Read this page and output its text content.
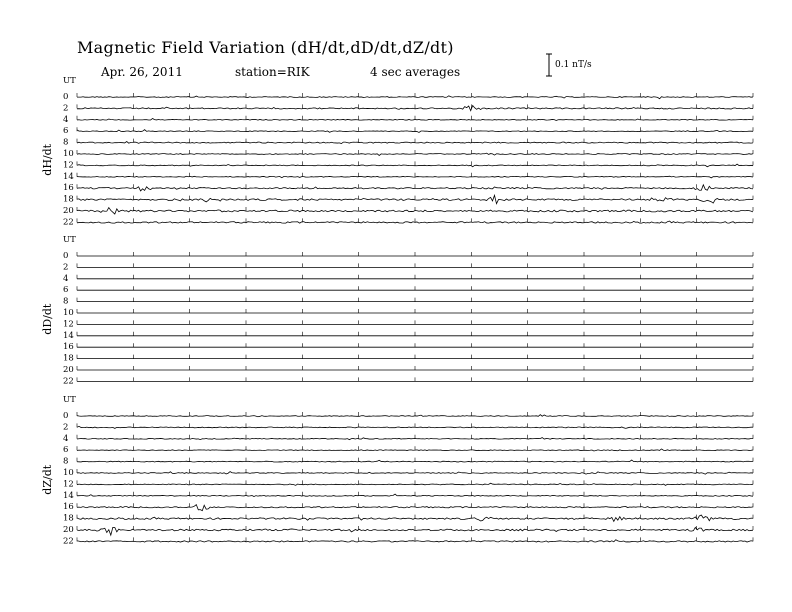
Magnetic Field Variation (dH/dt,dD/dt,dZ/dt)
Apr. 26, 2011	station=RIK	4 sec averages	0.1 nT/s
UT
dH/dt
0
2
4
6
8
10
12
14
16
18
20
22
UT
dD/dt
0
2
4
6
8
10
12
14
16
18
20
22
UT
dZ/dt
0
2
4
6
8
10
12
14
16
18
20
22
